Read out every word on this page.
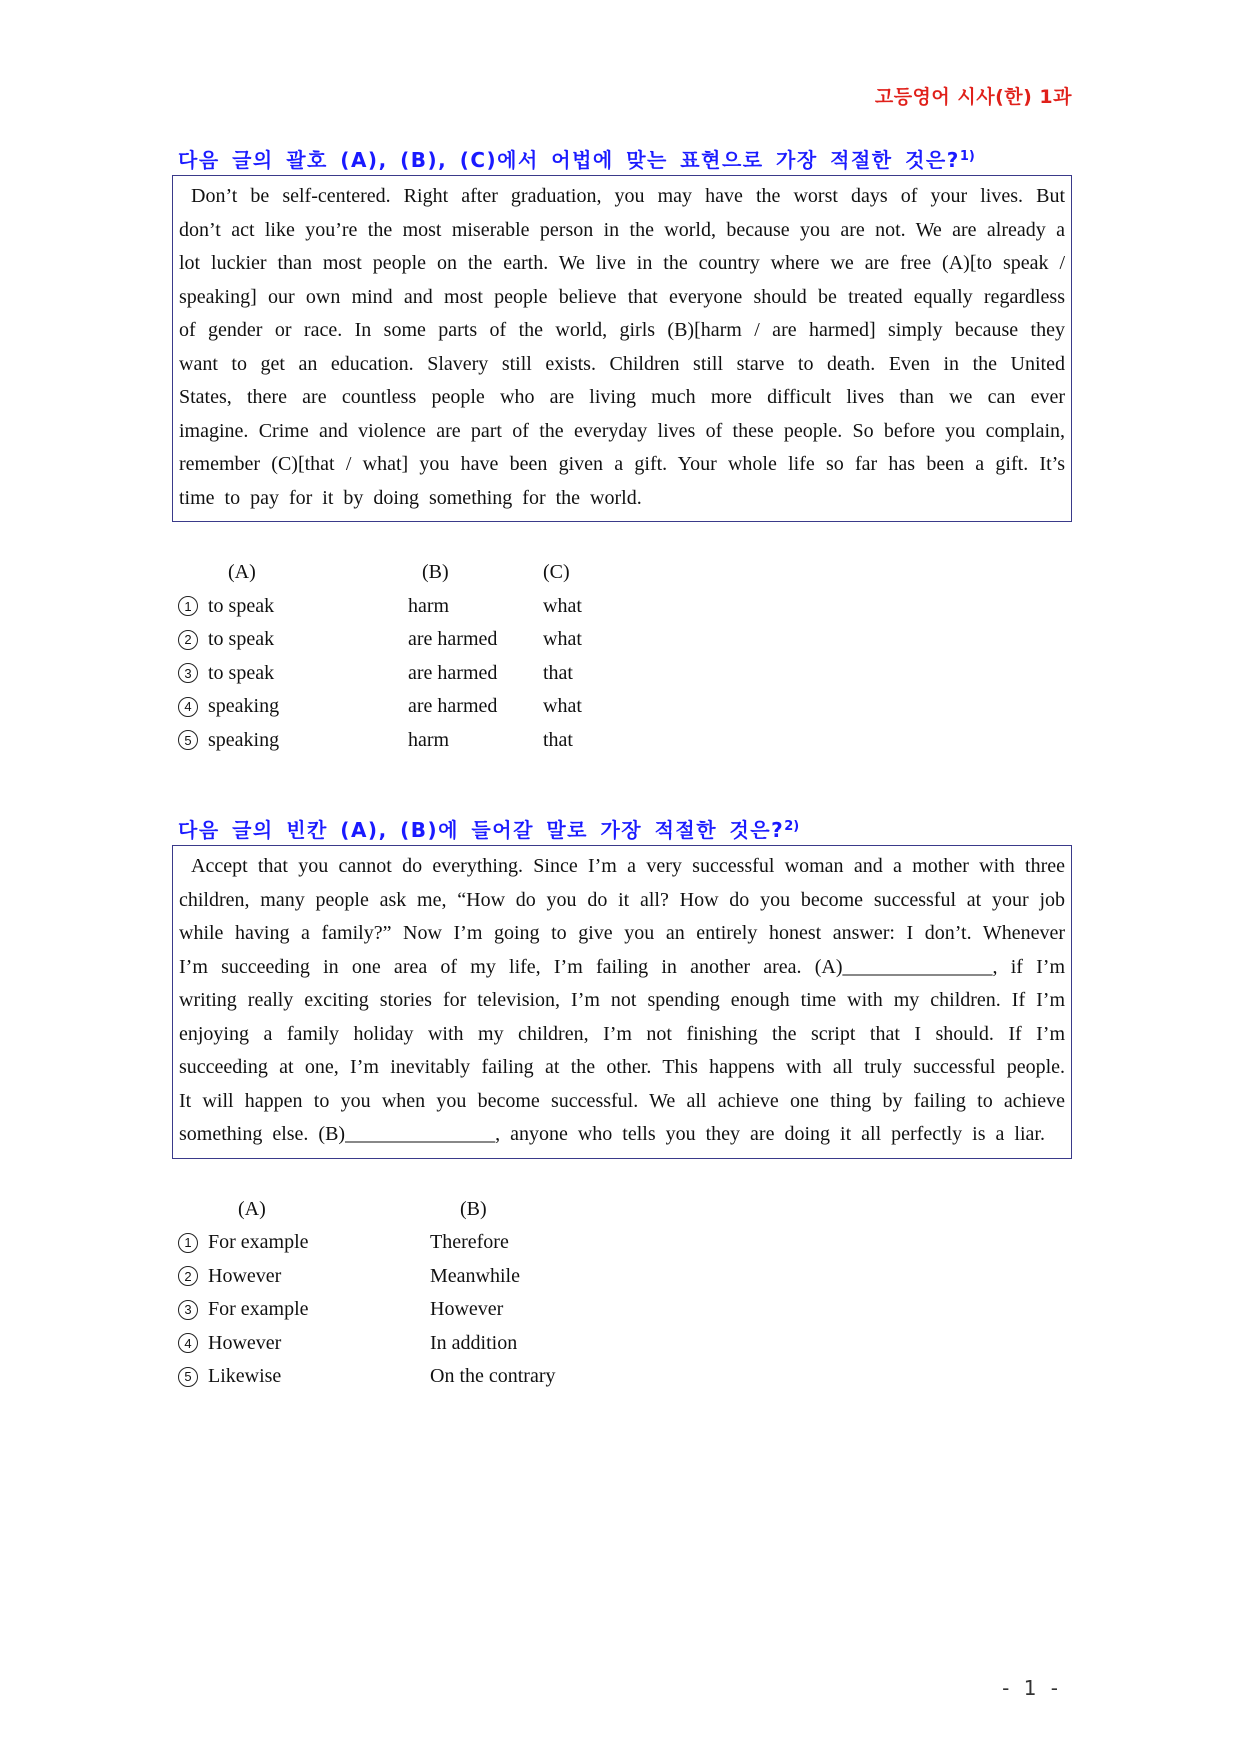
고등영어 시사(한) 1과
다음 글의 괄호 (A), (B), (C)에서 어법에 맞는 표현으로 가장 적절한 것은?$^{1)}$

Don’t be self-centered. Right after graduation, you may have the worst days of your lives. But don’t act like you’re the most miserable person in the world, because you are not. We are already a lot luckier than most people on the earth. We live in the country where we are free (A)[to speak / speaking] our own mind and most people believe that everyone should be treated equally regardless of gender or race. In some parts of the world, girls (B)[harm / are harmed] simply because they want to get an education. Slavery still exists. Children still starve to death. Even in the United States, there are countless people who are living much more difficult lives than we can ever imagine. Crime and violence are part of the everyday lives of these people. So before you complain, remember (C)[that / what] you have been given a gift. Your whole life so far has been a gift. It’s time to pay for it by doing something for the world.

(A)	(B)	(C)
1 to speak	harm	what
2 to speak	are harmed	what
3 to speak	are harmed	that
4 speaking	are harmed	what
5 speaking	harm	that
다음 글의 빈칸 (A), (B)에 들어갈 말로 가장 적절한 것은?$^{2)}$

Accept that you cannot do everything. Since I’m a very successful woman and a mother with three children, many people ask me, “How do you do it all? How do you become successful at your job while having a family?” Now I’m going to give you an entirely honest answer: I don’t. Whenever I’m succeeding in one area of my life, I’m failing in another area. (A)_______________, if I’m writing really exciting stories for television, I’m not spending enough time with my children. If I’m enjoying a family holiday with my children, I’m not finishing the script that I should. If I’m succeeding at one, I’m inevitably failing at the other. This happens with all truly successful people. It will happen to you when you become successful. We all achieve one thing by failing to achieve something else. (B)_______________, anyone who tells you they are doing it all perfectly is a liar.

(A)	(B)
1 For example	Therefore
2 However	Meanwhile
3 For example	However
4 However	In addition
5 Likewise	On the contrary
- 1 -
